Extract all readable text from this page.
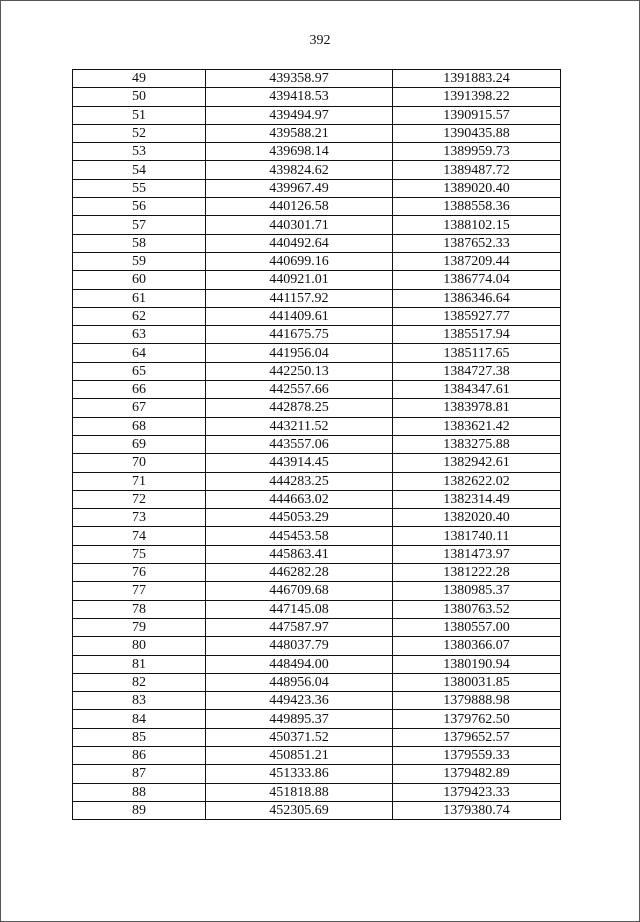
392
49	439358.97	1391883.24
50	439418.53	1391398.22
51	439494.97	1390915.57
52	439588.21	1390435.88
53	439698.14	1389959.73
54	439824.62	1389487.72
55	439967.49	1389020.40
56	440126.58	1388558.36
57	440301.71	1388102.15
58	440492.64	1387652.33
59	440699.16	1387209.44
60	440921.01	1386774.04
61	441157.92	1386346.64
62	441409.61	1385927.77
63	441675.75	1385517.94
64	441956.04	1385117.65
65	442250.13	1384727.38
66	442557.66	1384347.61
67	442878.25	1383978.81
68	443211.52	1383621.42
69	443557.06	1383275.88
70	443914.45	1382942.61
71	444283.25	1382622.02
72	444663.02	1382314.49
73	445053.29	1382020.40
74	445453.58	1381740.11
75	445863.41	1381473.97
76	446282.28	1381222.28
77	446709.68	1380985.37
78	447145.08	1380763.52
79	447587.97	1380557.00
80	448037.79	1380366.07
81	448494.00	1380190.94
82	448956.04	1380031.85
83	449423.36	1379888.98
84	449895.37	1379762.50
85	450371.52	1379652.57
86	450851.21	1379559.33
87	451333.86	1379482.89
88	451818.88	1379423.33
89	452305.69	1379380.74
